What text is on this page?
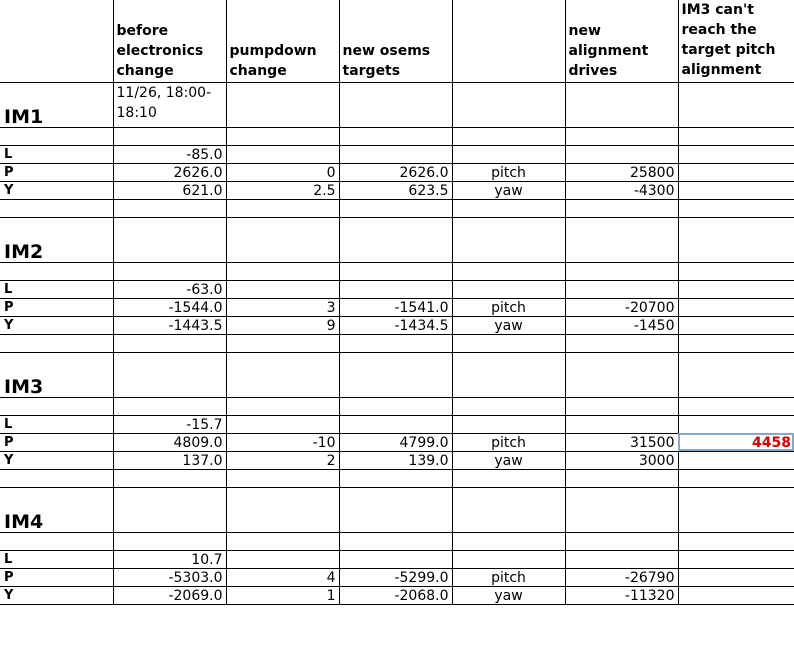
	before electronics change	pumpdown change	new osems targets		new alignment drives	IM3 can't reach the target pitch alignment
IM1	11/26, 18:00-18:10					

L	-85.0					
P	2626.0	0	2626.0	pitch	25800	
Y	621.0	2.5	623.5	yaw	-4300	

IM2						

L	-63.0					
P	-1544.0	3	-1541.0	pitch	-20700	
Y	-1443.5	9	-1434.5	yaw	-1450	

IM3						

L	-15.7					
P	4809.0	-10	4799.0	pitch	31500	4458
Y	137.0	2	139.0	yaw	3000	

IM4						

L	10.7					
P	-5303.0	4	-5299.0	pitch	-26790	
Y	-2069.0	1	-2068.0	yaw	-11320	
